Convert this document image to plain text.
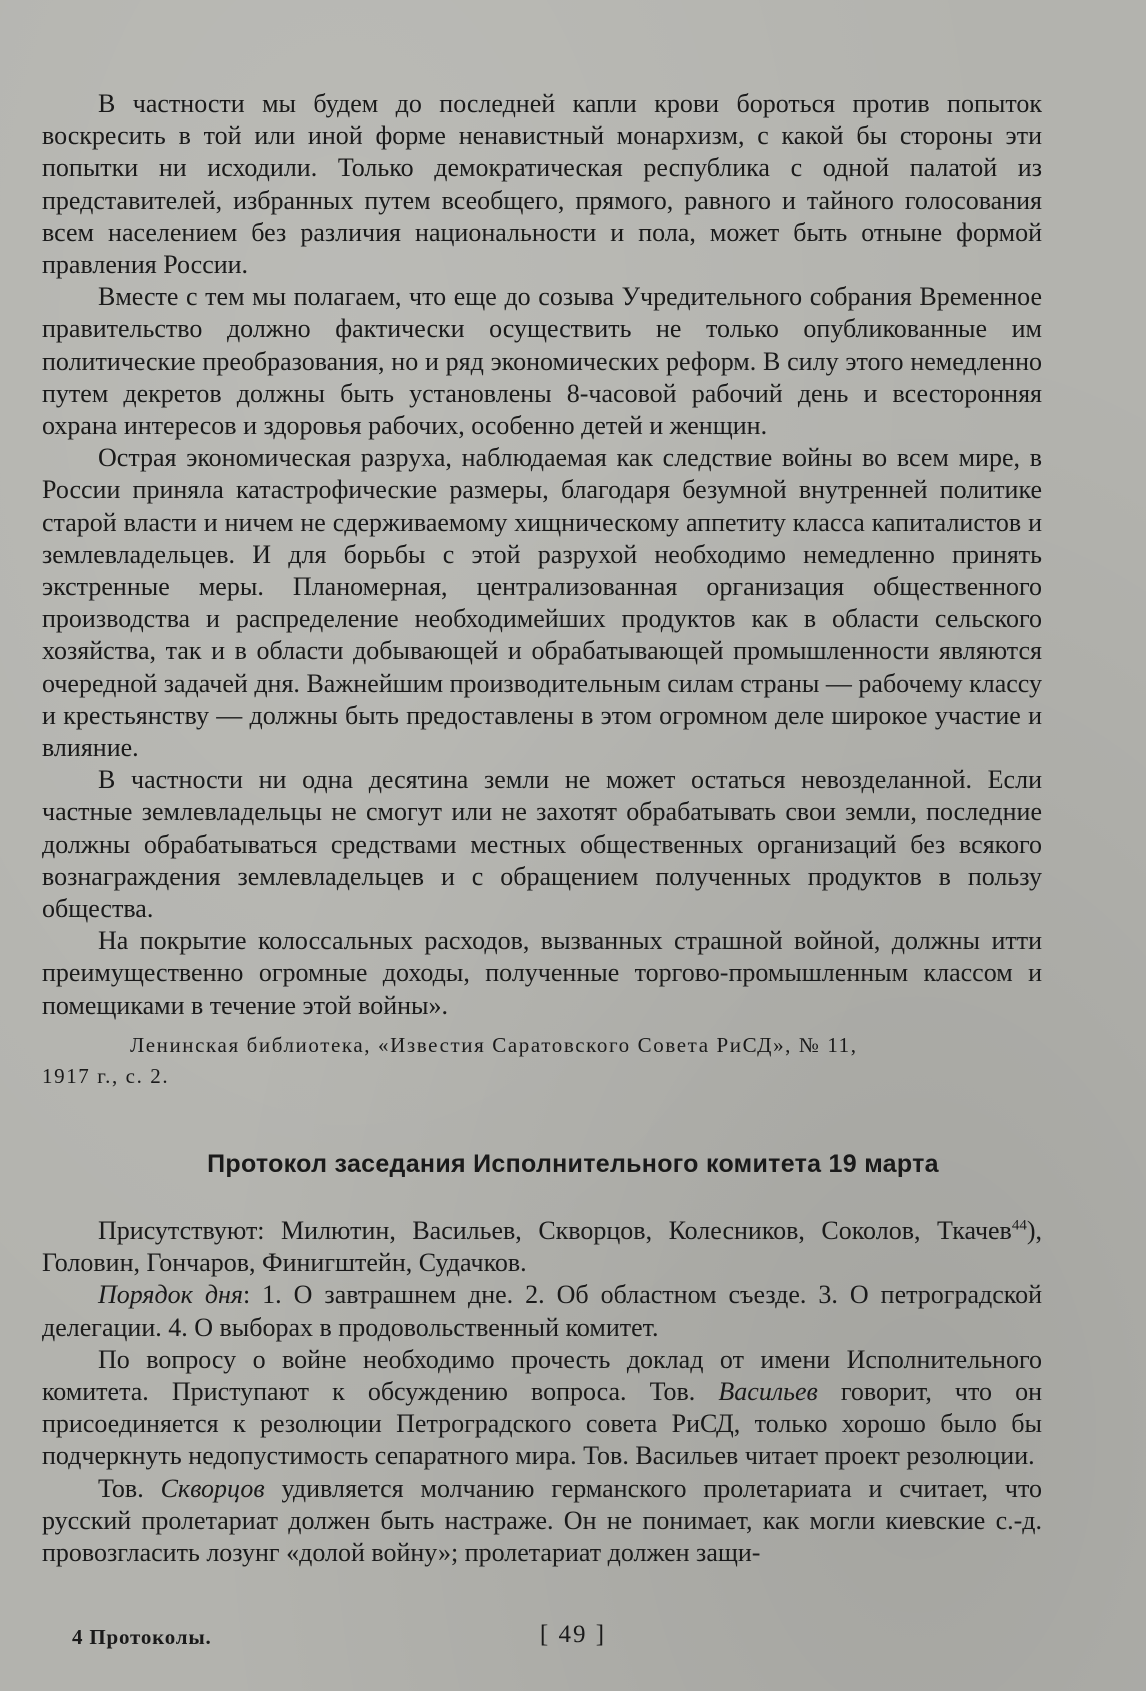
В частности мы будем до последней капли крови бороться против попыток воскресить в той или иной форме ненавистный монархизм, с какой бы стороны эти попытки ни исходили. Только демократическая республика с одной палатой из представителей, избранных путем всеобщего, прямого, равного и тайного голосования всем населением без различия национальности и пола, может быть отныне формой правления России.

Вместе с тем мы полагаем, что еще до созыва Учредительного собрания Временное правительство должно фактически осуществить не только опубликованные им политические преобразования, но и ряд экономических реформ. В силу этого немедленно путем декретов должны быть установлены 8-часовой рабочий день и всесторонняя охрана интересов и здоровья рабочих, особенно детей и женщин.

Острая экономическая разруха, наблюдаемая как следствие войны во всем мире, в России приняла катастрофические размеры, благодаря безумной внутренней политике старой власти и ничем не сдерживаемому хищническому аппетиту класса капиталистов и землевладельцев. И для борьбы с этой разрухой необходимо немедленно принять экстренные меры. Планомерная, централизованная организация общественного производства и распределение необходимейших продуктов как в области сельского хозяйства, так и в области добывающей и обрабатывающей промышленности являются очередной задачей дня. Важнейшим производительным силам страны — рабочему классу и крестьянству — должны быть предоставлены в этом огромном деле широкое участие и влияние.

В частности ни одна десятина земли не может остаться невозделанной. Если частные землевладельцы не смогут или не захотят обрабатывать свои земли, последние должны обрабатываться средствами местных общественных организаций без всякого вознаграждения землевладельцев и с обращением полученных продуктов в пользу общества.

На покрытие колоссальных расходов, вызванных страшной войной, должны итти преимущественно огромные доходы, полученные торгово-промышленным классом и помещиками в течение этой войны».

Ленинская библиотека, «Известия Саратовского Совета РиСД», № 11,
1917 г., с. 2.
Протокол заседания Исполнительного комитета 19 марта

Присутствуют: Милютин, Васильев, Скворцов, Колесников, Соколов, Ткачев$^{44}$), Головин, Гончаров, Финигштейн, Судачков.

Порядок дня: 1. О завтрашнем дне. 2. Об областном съезде. 3. О петроградской делегации. 4. О выборах в продовольственный комитет.

По вопросу о войне необходимо прочесть доклад от имени Исполнительного комитета. Приступают к обсуждению вопроса. Тов. Васильев говорит, что он присоединяется к резолюции Петроградского совета РиСД, только хорошо было бы подчеркнуть недопустимость сепаратного мира. Тов. Васильев читает проект резолюции.

Тов. Скворцов удивляется молчанию германского пролетариата и считает, что русский пролетариат должен быть настраже. Он не понимает, как могли киевские с.-д. провозгласить лозунг «долой войну»; пролетариат должен защи-

4 Протоколы.	[ 49 ]
